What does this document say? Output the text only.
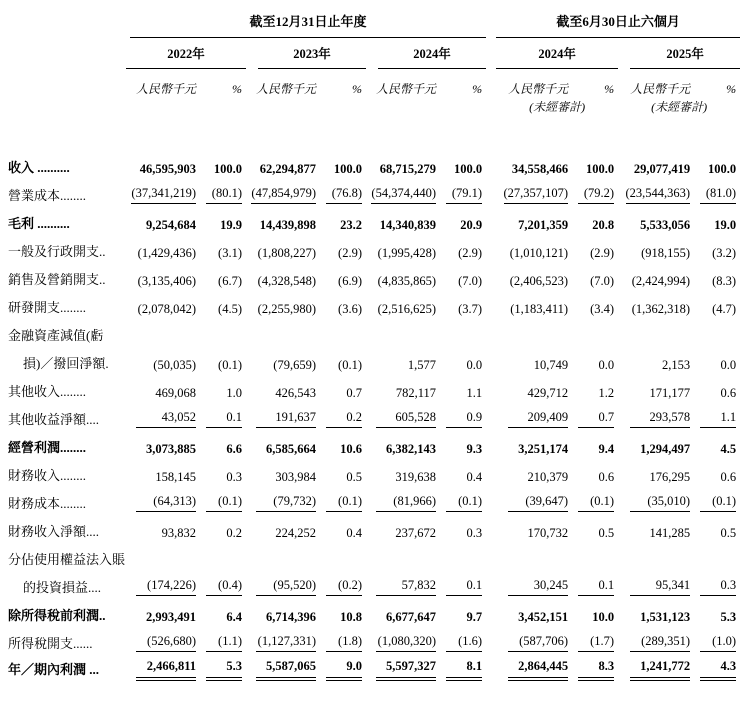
	截至12月31日止年度							截至6月30日止六個月			

	2022年		2023年		2024年			2024年		2025年	

	人民幣千元	%	人民幣千元	%	人民幣千元	%		人民幣千元	%	人民幣千元	%

								(未經審計)		(未經審計)	

收入 ..........	46,595,903	100.0	62,294,877	100.0	68,715,279	100.0		34,558,466	100.0	29,077,419	100.0
營業成本........	(37,341,219)	(80.1)	(47,854,979)	(76.8)	(54,374,440)	(79.1)		(27,357,107)	(79.2)	(23,544,363)	(81.0)
毛利 ..........	9,254,684	19.9	14,439,898	23.2	14,340,839	20.9		7,201,359	20.8	5,533,056	19.0
一般及行政開支..	(1,429,436)	(3.1)	(1,808,227)	(2.9)	(1,995,428)	(2.9)		(1,010,121)	(2.9)	(918,155)	(3.2)
銷售及營銷開支..	(3,135,406)	(6.7)	(4,328,548)	(6.9)	(4,835,865)	(7.0)		(2,406,523)	(7.0)	(2,424,994)	(8.3)
研發開支........	(2,078,042)	(4.5)	(2,255,980)	(3.6)	(2,516,625)	(3.7)		(1,183,411)	(3.4)	(1,362,318)	(4.7)
金融資產減值(虧											
損)／撥回淨額.	(50,035)	(0.1)	(79,659)	(0.1)	1,577	0.0		10,749	0.0	2,153	0.0
其他收入........	469,068	1.0	426,543	0.7	782,117	1.1		429,712	1.2	171,177	0.6
其他收益淨額....	43,052	0.1	191,637	0.2	605,528	0.9		209,409	0.7	293,578	1.1
經營利潤........	3,073,885	6.6	6,585,664	10.6	6,382,143	9.3		3,251,174	9.4	1,294,497	4.5
財務收入........	158,145	0.3	303,984	0.5	319,638	0.4		210,379	0.6	176,295	0.6
財務成本........	(64,313)	(0.1)	(79,732)	(0.1)	(81,966)	(0.1)		(39,647)	(0.1)	(35,010)	(0.1)
財務收入淨額....	93,832	0.2	224,252	0.4	237,672	0.3		170,732	0.5	141,285	0.5
分佔使用權益法入賬											
的投資損益....	(174,226)	(0.4)	(95,520)	(0.2)	57,832	0.1		30,245	0.1	95,341	0.3
除所得稅前利潤..	2,993,491	6.4	6,714,396	10.8	6,677,647	9.7		3,452,151	10.0	1,531,123	5.3
所得稅開支......	(526,680)	(1.1)	(1,127,331)	(1.8)	(1,080,320)	(1.6)		(587,706)	(1.7)	(289,351)	(1.0)
年／期內利潤 ...	2,466,811	5.3	5,587,065	9.0	5,597,327	8.1		2,864,445	8.3	1,241,772	4.3
